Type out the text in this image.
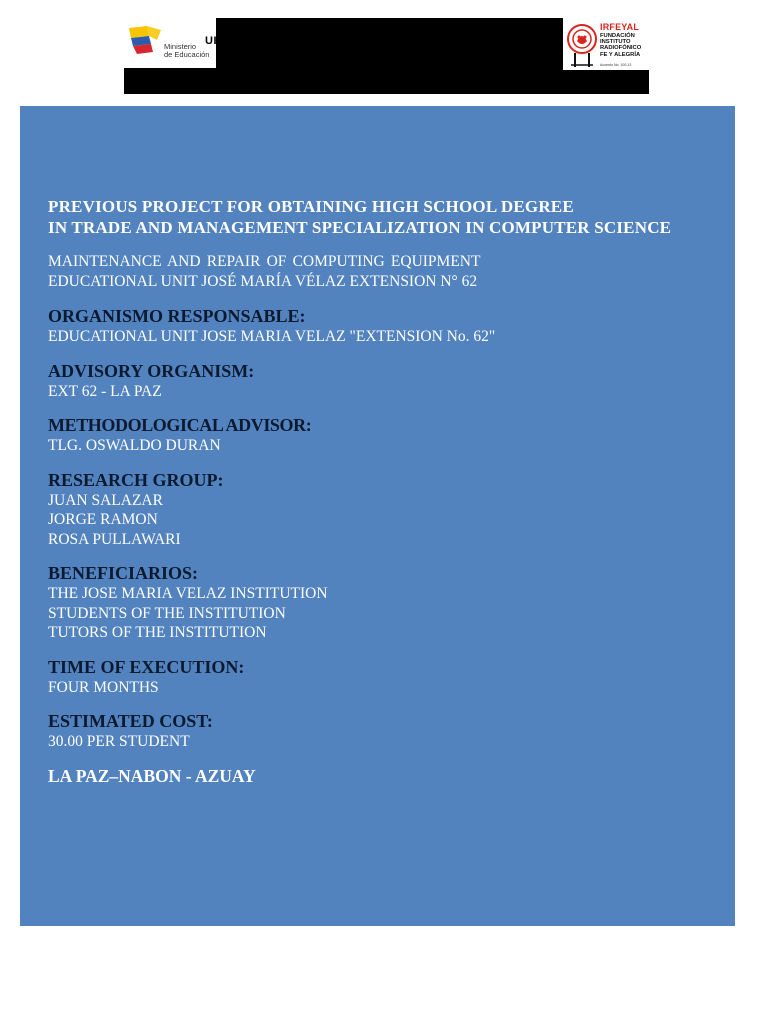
Ministerio
de Educación
UI
IRFEYAL
FUNDACIÓN
INSTITUTO
RADIOFÓNICO
FE Y ALEGRÍA
Acuerdo No. 100-13

PREVIOUS PROJECT FOR OBTAINING HIGH SCHOOL DEGREE

IN TRADE AND MANAGEMENT SPECIALIZATION IN COMPUTER SCIENCE

MAINTENANCE AND REPAIR OF COMPUTING EQUIPMENT

EDUCATIONAL UNIT JOSÉ MARÍA VÉLAZ EXTENSION N° 62

ORGANISMO RESPONSABLE:

EDUCATIONAL UNIT JOSE MARIA VELAZ "EXTENSION No. 62"

ADVISORY ORGANISM:

EXT 62 - LA PAZ

METHODOLOGICAL ADVISOR:

TLG. OSWALDO DURAN

RESEARCH GROUP:

JUAN SALAZAR

JORGE RAMON

ROSA PULLAWARI

BENEFICIARIOS:

THE JOSE MARIA VELAZ INSTITUTION

STUDENTS OF THE INSTITUTION

TUTORS OF THE INSTITUTION

TIME OF EXECUTION:

FOUR MONTHS

ESTIMATED COST:

30.00 PER STUDENT

LA PAZ–NABON - AZUAY
